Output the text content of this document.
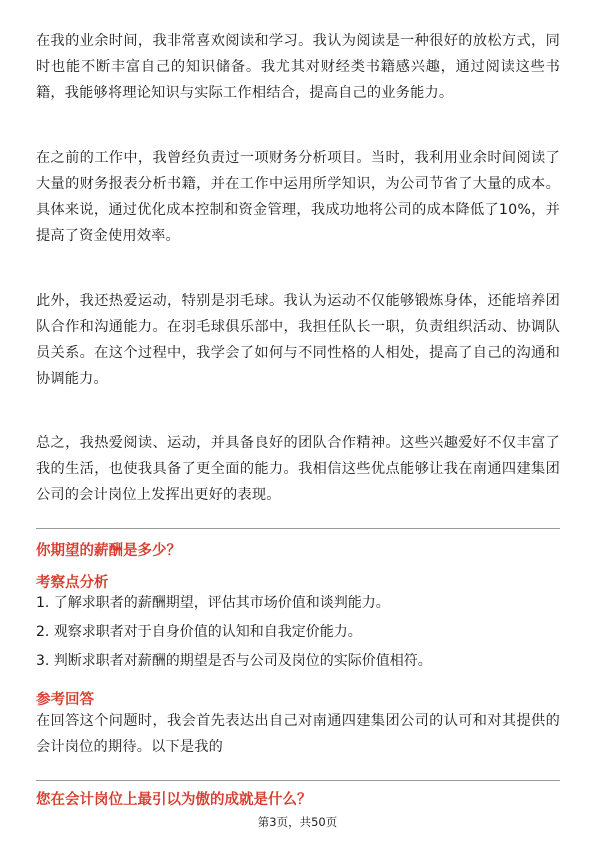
在我的业余时间，我非常喜欢阅读和学习。我认为阅读是一种很好的放松方式，同时也能不断丰富自己的知识储备。我尤其对财经类书籍感兴趣，通过阅读这些书籍，我能够将理论知识与实际工作相结合，提高自己的业务能力。

在之前的工作中，我曾经负责过一项财务分析项目。当时，我利用业余时间阅读了大量的财务报表分析书籍，并在工作中运用所学知识，为公司节省了大量的成本。具体来说，通过优化成本控制和资金管理，我成功地将公司的成本降低了10%，并提高了资金使用效率。

此外，我还热爱运动，特别是羽毛球。我认为运动不仅能够锻炼身体，还能培养团队合作和沟通能力。在羽毛球俱乐部中，我担任队长一职，负责组织活动、协调队员关系。在这个过程中，我学会了如何与不同性格的人相处，提高了自己的沟通和协调能力。

总之，我热爱阅读、运动，并具备良好的团队合作精神。这些兴趣爱好不仅丰富了我的生活，也使我具备了更全面的能力。我相信这些优点能够让我在南通四建集团公司的会计岗位上发挥出更好的表现。

你期望的薪酬是多少？

考察点分析

1. 了解求职者的薪酬期望，评估其市场价值和谈判能力。

2. 观察求职者对于自身价值的认知和自我定价能力。

3. 判断求职者对薪酬的期望是否与公司及岗位的实际价值相符。

参考回答

在回答这个问题时，我会首先表达出自己对南通四建集团公司的认可和对其提供的会计岗位的期待。以下是我的

您在会计岗位上最引以为傲的成就是什么？

第3页，共50页
